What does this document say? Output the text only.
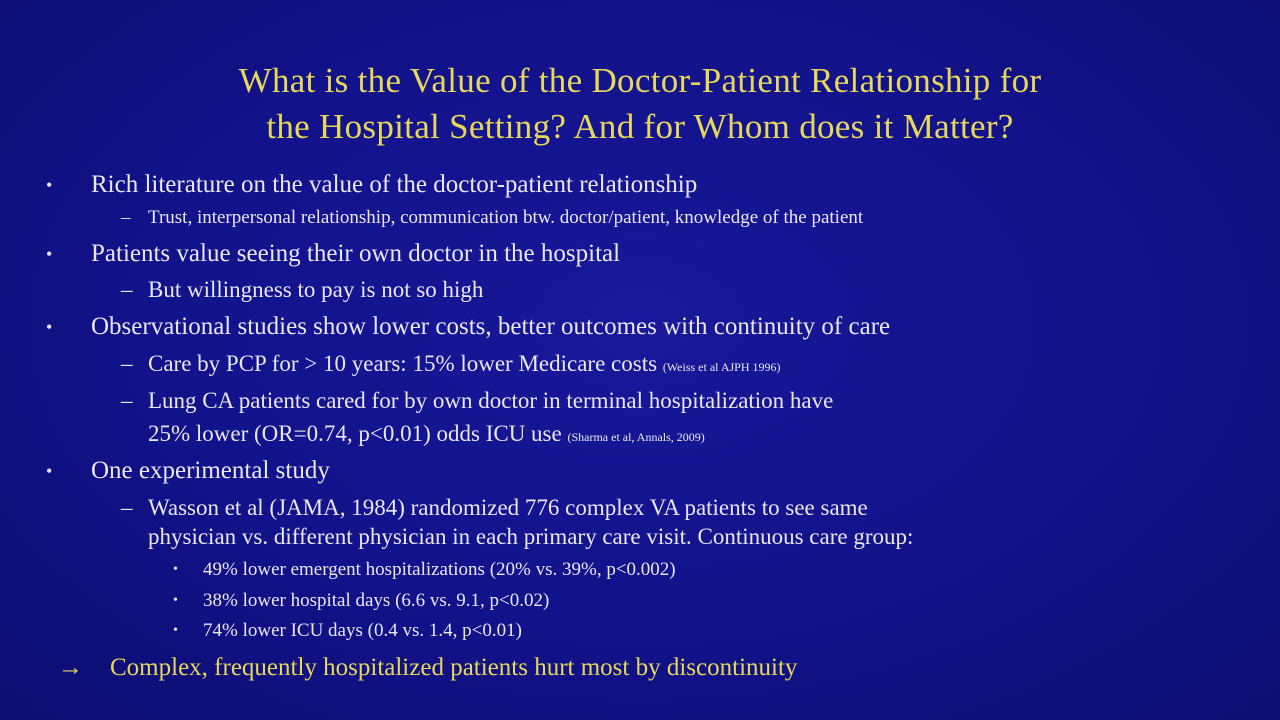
What is the Value of the Doctor-Patient Relationship for
the Hospital Setting? And for Whom does it Matter?
• Rich literature on the value of the doctor-patient relationship
– Trust, interpersonal relationship, communication btw. doctor/patient, knowledge of the patient
• Patients value seeing their own doctor in the hospital
– But willingness to pay is not so high
• Observational studies show lower costs, better outcomes with continuity of care
– Care by PCP for > 10 years: 15% lower Medicare costs (Weiss et al AJPH 1996)
– Lung CA patients cared for by own doctor in terminal hospitalization have
25% lower (OR=0.74, p<0.01) odds ICU use (Sharma et al, Annals, 2009)
• One experimental study
– Wasson et al (JAMA, 1984) randomized 776 complex VA patients to see same
physician vs. different physician in each primary care visit. Continuous care group:
• 49% lower emergent hospitalizations (20% vs. 39%, p<0.002)
• 38% lower hospital days (6.6 vs. 9.1, p<0.02)
• 74% lower ICU days (0.4 vs. 1.4, p<0.01)
→ Complex, frequently hospitalized patients hurt most by discontinuity
